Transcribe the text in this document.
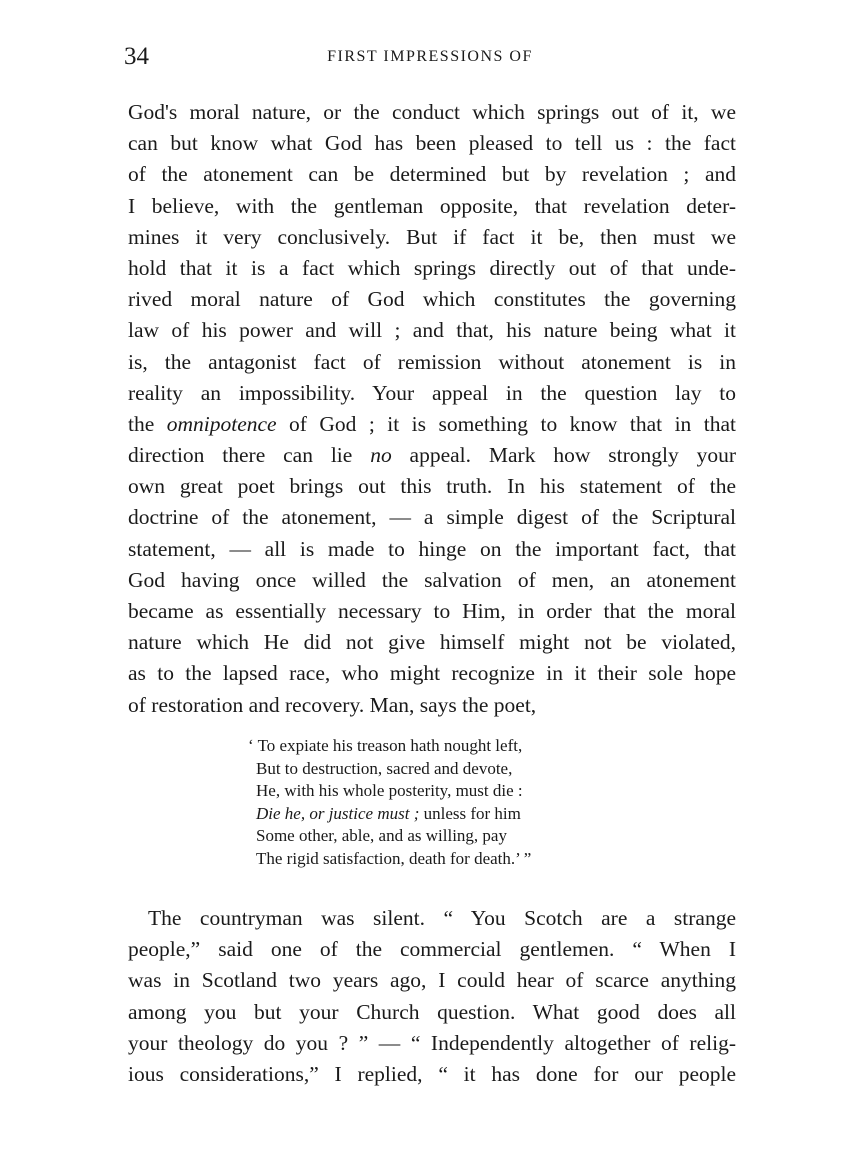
34	FIRST IMPRESSIONS OF
God's moral nature, or the conduct which springs out of it, we
can but know what God has been pleased to tell us : the fact
of the atonement can be determined but by revelation ; and
I believe, with the gentleman opposite, that revelation deter-
mines it very conclusively. But if fact it be, then must we
hold that it is a fact which springs directly out of that unde-
rived moral nature of God which constitutes the governing
law of his power and will ; and that, his nature being what it
is, the antagonist fact of remission without atonement is in
reality an impossibility. Your appeal in the question lay to
the omnipotence of God ; it is something to know that in that
direction there can lie no appeal. Mark how strongly your
own great poet brings out this truth. In his statement of the
doctrine of the atonement, — a simple digest of the Scriptural
statement, — all is made to hinge on the important fact, that
God having once willed the salvation of men, an atonement
became as essentially necessary to Him, in order that the moral
nature which He did not give himself might not be violated,
as to the lapsed race, who might recognize in it their sole hope
of restoration and recovery. Man, says the poet,
‘ To expiate his treason hath nought left,
But to destruction, sacred and devote,
He, with his whole posterity, must die :
Die he, or justice must ; unless for him
Some other, able, and as willing, pay
The rigid satisfaction, death for death.’ ”
The countryman was silent. “ You Scotch are a strange
people,” said one of the commercial gentlemen. “ When I
was in Scotland two years ago, I could hear of scarce anything
among you but your Church question. What good does all
your theology do you ? ” — “ Independently altogether of relig-
ious considerations,” I replied, “ it has done for our people
